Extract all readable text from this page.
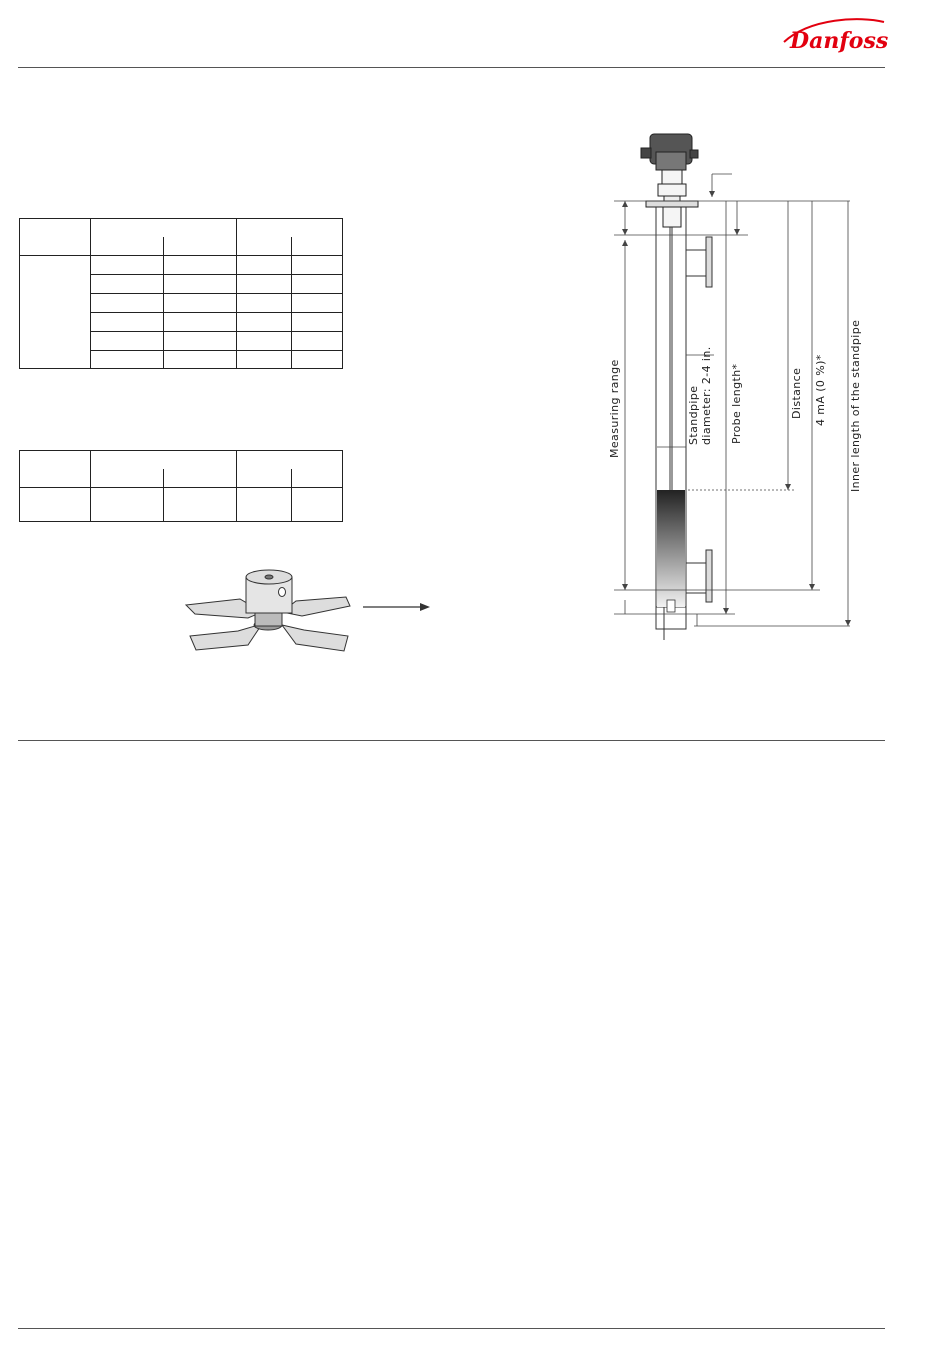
Danfoss

Measuring range	Standpipe diameter: 2-4 in. Probe length*	Distance 4 mA (0 %)* Inner length of the standpipe
